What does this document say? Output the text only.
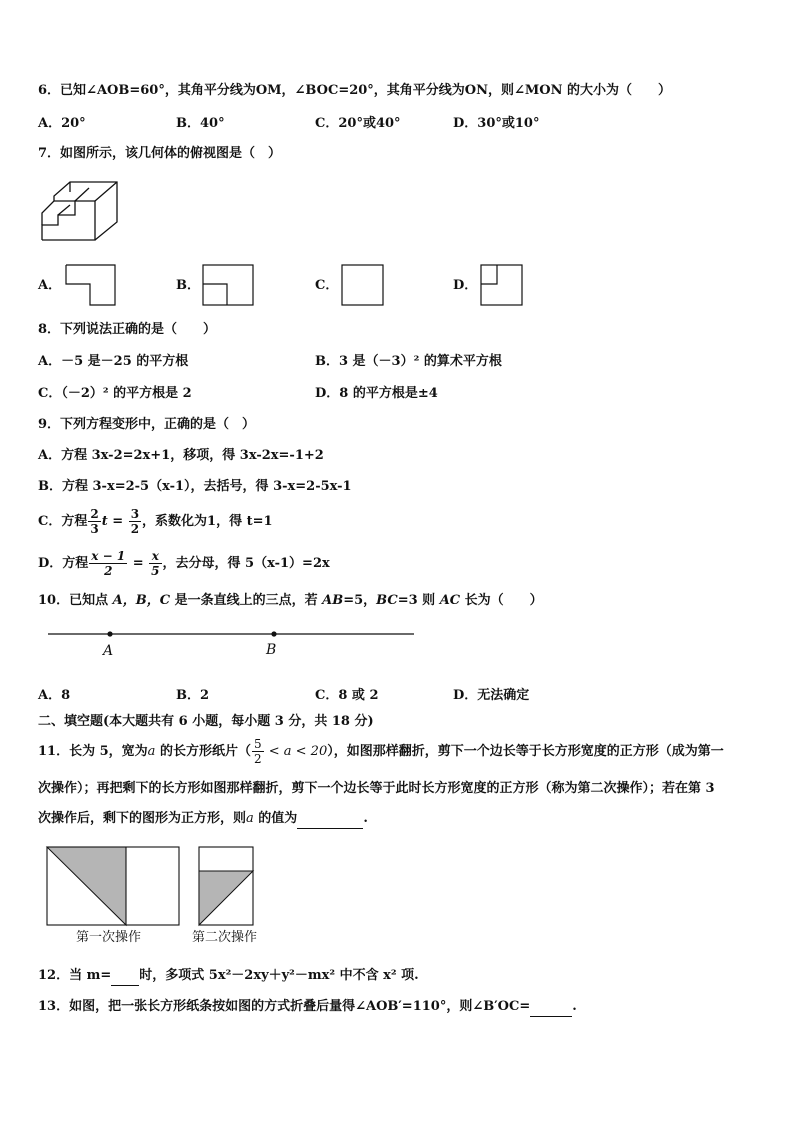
6．已知∠AOB=60°，其角平分线为OM，∠BOC=20°，其角平分线为ON，则∠MON 的大小为（　　）
A．20°	B．40°	C．20°或40°	D．30°或10°
7．如图所示，该几何体的俯视图是（　）
A．	B．	C．	D．
8．下列说法正确的是（　　）
A．－5 是－25 的平方根	B．3 是（－3）² 的算术平方根
C．（－2）² 的平方根是 2	D．8 的平方根是±4
9．下列方程变形中，正确的是（　）
A．方程 3x-2=2x+1，移项，得 3x-2x=-1+2
B．方程 3-x=2-5（x-1），去括号，得 3-x=2-5x-1
C．方程 $\frac{2}{3}$ $t = \frac{3}{2}$ ，系数化为1，得 t=1
D．方程 $\frac{x - 1}{2} = \frac{x}{5}$ ，去分母，得 5（x-1）=2x
10．已知点 A，B，C 是一条直线上的三点，若 AB=5，BC=3 则 AC 长为（　　）
A	B
A．8	B．2	C．8 或 2	D．无法确定
二、填空题(本大题共有 6 小题，每小题 3 分，共 18 分)
11．长为 5，宽为a 的长方形纸片（ $\frac{5}{2} < a < 20$），如图那样翻折，剪下一个边长等于长方形宽度的正方形（成为第一
次操作）；再把剩下的长方形如图那样翻折，剪下一个边长等于此时长方形宽度的正方形（称为第二次操作）；若在第 3
次操作后，剩下的图形为正方形，则a 的值为	.
第一次操作	第二次操作
12．当 m= 时，多项式 5x²－2xy＋y²－mx² 中不含 x² 项.
13．如图，把一张长方形纸条按如图的方式折叠后量得∠AOB′=110°，则∠B′OC=	.
